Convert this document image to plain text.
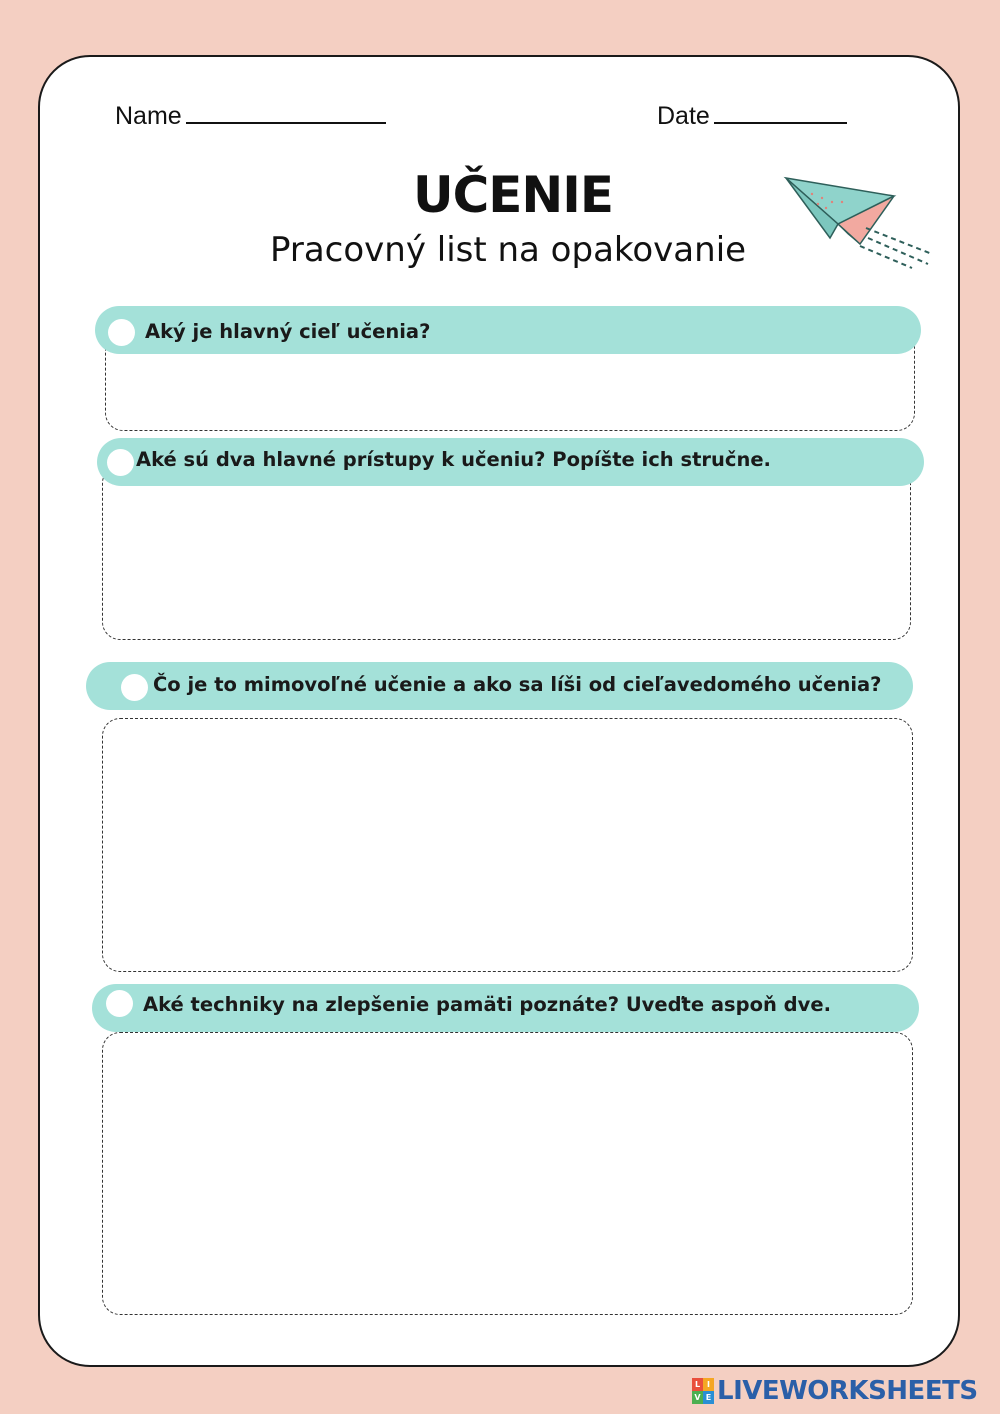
Name	Date
UČENIE
Pracovný list na opakovanie
Aký je hlavný cieľ učenia?
Aké sú dva hlavné prístupy k učeniu? Popíšte ich stručne.
Čo je to mimovoľné učenie a ako sa líši od cieľavedomého učenia?
Aké techniky na zlepšenie pamäti poznáte? Uveďte aspoň dve.
L I
V E LIVEWORKSHEETS
